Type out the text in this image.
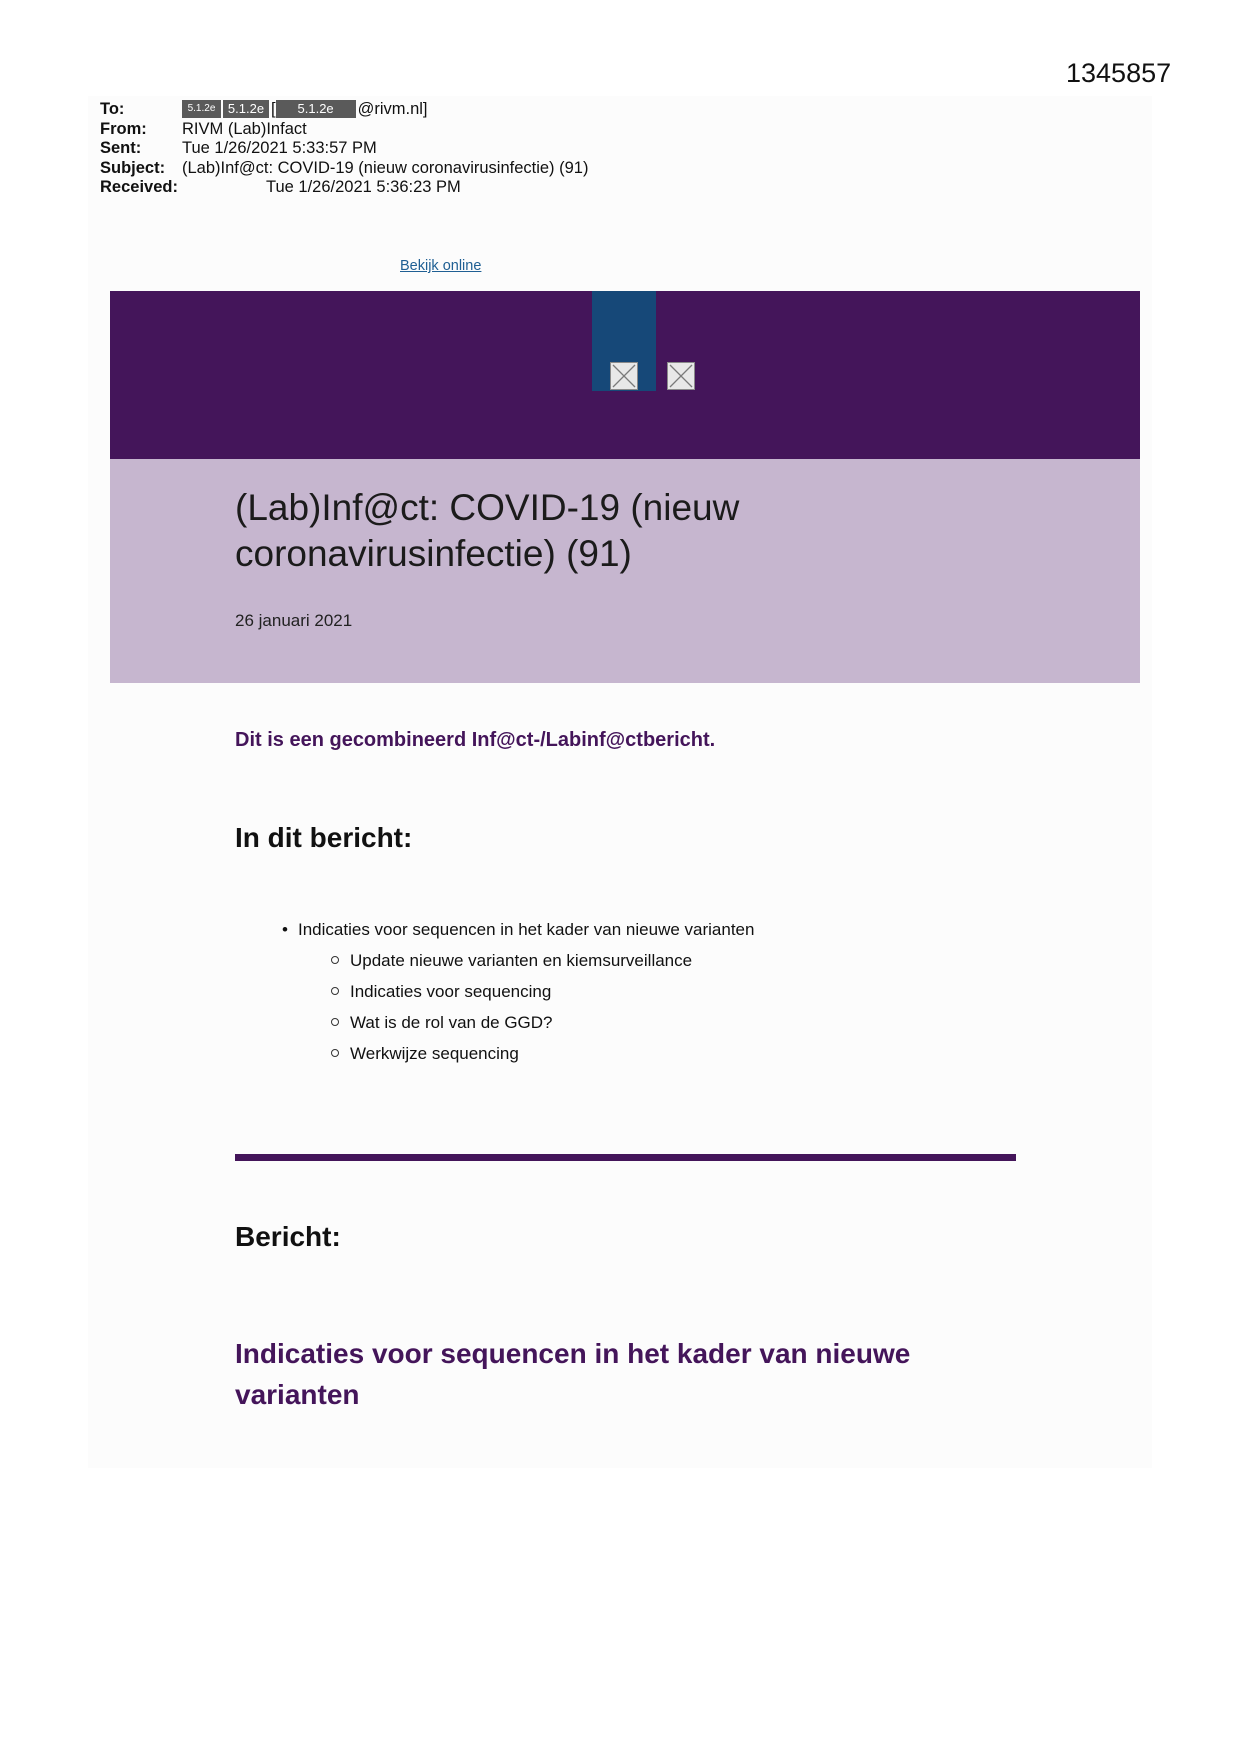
1345857
To:	5.1.2e 5.1.2e [ 5.1.2e @rivm.nl]
From: RIVM (Lab)Infact
Sent: Tue 1/26/2021 5:33:57 PM
Subject: (Lab)Inf@ct: COVID-19 (nieuw coronavirusinfectie) (91)
Received:	Tue 1/26/2021 5:36:23 PM
Bekijk online
(Lab)Inf@ct: COVID-19 (nieuw coronavirusinfectie) (91)
26 januari 2021
Dit is een gecombineerd Inf@ct-/Labinf@ctbericht.
In dit bericht:
• Indicaties voor sequencen in het kader van nieuwe varianten
Update nieuwe varianten en kiemsurveillance
Indicaties voor sequencing
Wat is de rol van de GGD?
Werkwijze sequencing
Bericht:
Indicaties voor sequencen in het kader van nieuwe varianten
